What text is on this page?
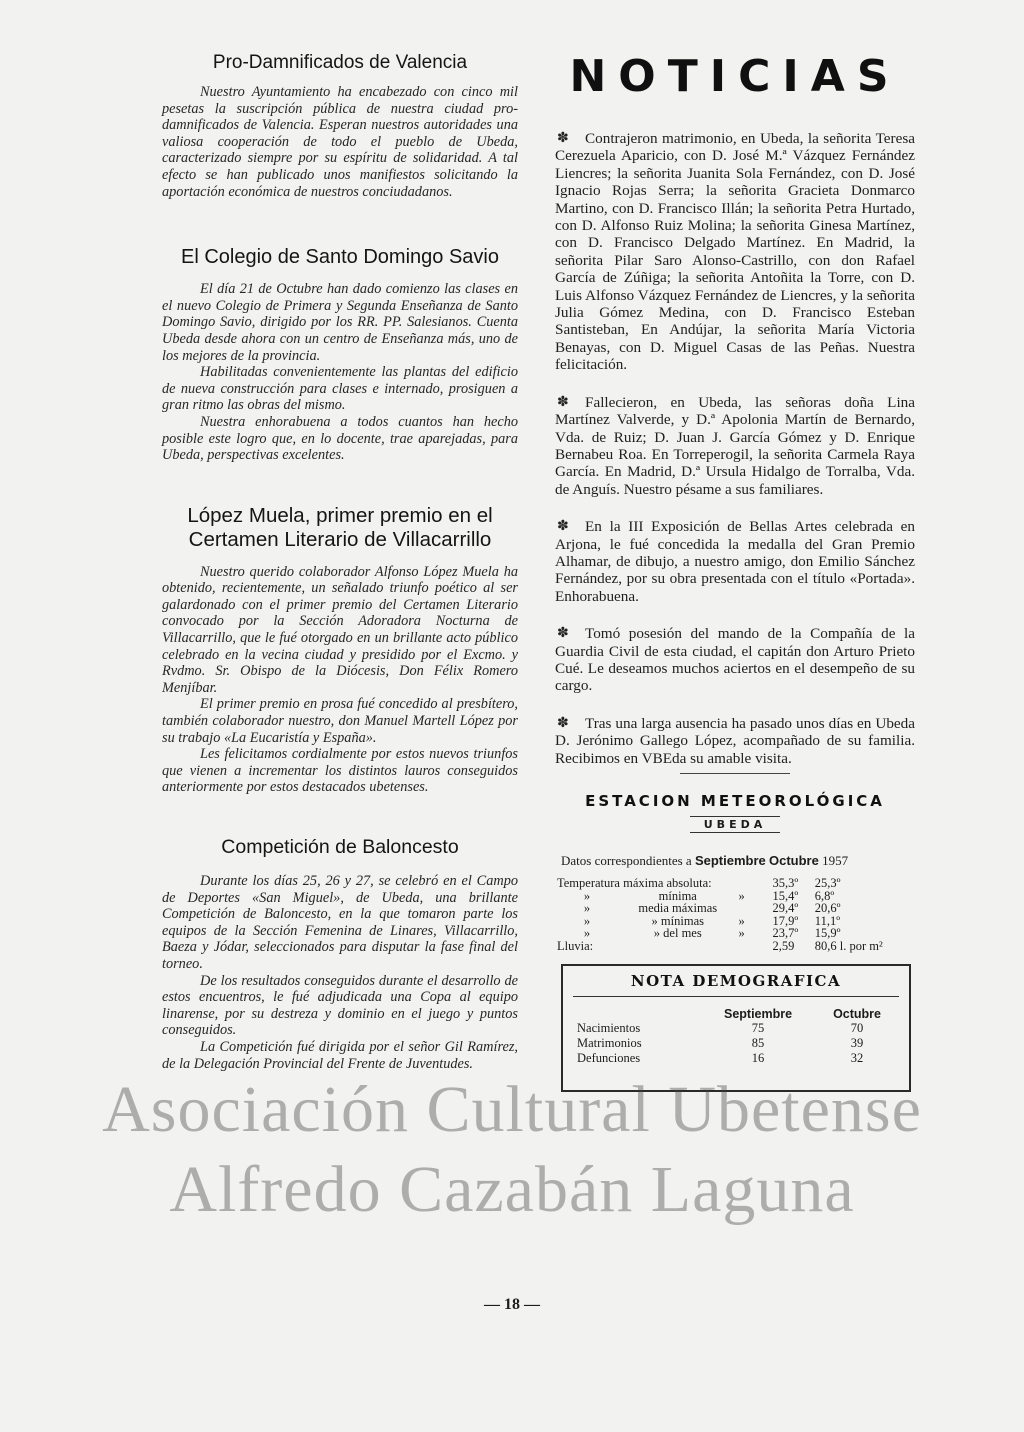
Pro-Damnificados de Valencia

Nuestro Ayuntamiento ha encabezado con cinco mil pesetas la suscripción pública de nuestra ciudad pro-damnificados de Valencia. Esperan nuestros autoridades una valiosa cooperación de todo el pueblo de Ubeda, caracterizado siempre por su espíritu de solidaridad. A tal efecto se han publicado unos manifiestos solicitando la aportación económica de nuestros conciudadanos.

El Colegio de Santo Domingo Savio

El día 21 de Octubre han dado comienzo las clases en el nuevo Colegio de Primera y Segunda Enseñanza de Santo Domingo Savio, dirigido por los RR. PP. Salesianos. Cuenta Ubeda desde ahora con un centro de Enseñanza más, uno de los mejores de la provincia.

Habilitadas convenientemente las plantas del edificio de nueva construcción para clases e internado, prosiguen a gran ritmo las obras del mismo.

Nuestra enhorabuena a todos cuantos han hecho posible este logro que, en lo docente, trae aparejadas, para Ubeda, perspectivas excelentes.

López Muela, primer premio en el Certamen Literario de Villacarrillo

Nuestro querido colaborador Alfonso López Muela ha obtenido, recientemente, un señalado triunfo poético al ser galardonado con el primer premio del Certamen Literario convocado por la Sección Adoradora Nocturna de Villacarrillo, que le fué otorgado en un brillante acto público celebrado en la vecina ciudad y presidido por el Excmo. y Rvdmo. Sr. Obispo de la Diócesis, Don Félix Romero Menjíbar.

El primer premio en prosa fué concedido al presbítero, también colaborador nuestro, don Manuel Martell López por su trabajo «La Eucaristía y España».

Les felicitamos cordialmente por estos nuevos triunfos que vienen a incrementar los distintos lauros conseguidos anteriormente por estos destacados ubetenses.

Competición de Baloncesto

Durante los días 25, 26 y 27, se celebró en el Campo de Deportes «San Miguel», de Ubeda, una brillante Competición de Baloncesto, en la que tomaron parte los equipos de la Sección Femenina de Linares, Villacarrillo, Baeza y Jódar, seleccionados para disputar la fase final del torneo.

De los resultados conseguidos durante el desarrollo de estos encuentros, le fué adjudicada una Copa al equipo linarense, por su destreza y dominio en el juego y puntos conseguidos.

La Competición fué dirigida por el señor Gil Ramírez, de la Delegación Provincial del Frente de Juventudes.

NOTICIAS

✽ Contrajeron matrimonio, en Ubeda, la señorita Teresa Cerezuela Aparicio, con D. José M.ª Vázquez Fernández Liencres; la señorita Juanita Sola Fernández, con D. José Ignacio Rojas Serra; la señorita Gracieta Donmarco Martino, con D. Francisco Illán; la señorita Petra Hurtado, con D. Alfonso Ruiz Molina; la señorita Ginesa Martínez, con D. Francisco Delgado Martínez. En Madrid, la señorita Pilar Saro Alonso-Castrillo, con don Rafael García de Zúñiga; la señorita Antoñita la Torre, con D. Luis Alfonso Vázquez Fernández de Liencres, y la señorita Julia Gómez Medina, con D. Francisco Esteban Santisteban, En Andújar, la señorita María Victoria Benayas, con D. Miguel Casas de las Peñas. Nuestra felicitación.

✽ Fallecieron, en Ubeda, las señoras doña Lina Martínez Valverde, y D.ª Apolonia Martín de Bernardo, Vda. de Ruiz; D. Juan J. García Gómez y D. Enrique Bernabeu Roa. En Torreperogil, la señorita Carmela Raya García. En Madrid, D.ª Ursula Hidalgo de Torralba, Vda. de Anguís. Nuestro pésame a sus familiares.

✽ En la III Exposición de Bellas Artes celebrada en Arjona, le fué concedida la medalla del Gran Premio Alhamar, de dibujo, a nuestro amigo, don Emilio Sánchez Fernández, por su obra presentada con el título «Portada». Enhorabuena.

✽ Tomó posesión del mando de la Compañía de la Guardia Civil de esta ciudad, el capitán don Arturo Prieto Cué. Le deseamos muchos aciertos en el desempeño de su cargo.

✽ Tras una larga ausencia ha pasado unos días en Ubeda D. Jerónimo Gallego López, acompañado de su familia. Recibimos en VBEda su amable visita.

ESTACION METEOROLÓGICA
UBEDA
Datos correspondientes a Septiembre Octubre 1957
Temperatura máxima absoluta:			35,3º	25,3º
»	mínima	»	15,4º	6,8º
»	media máximas		29,4º	20,6º
»	» mínimas	»	17,9º	11,1º
»	» del mes	»	23,7º	15,9º
Lluvia:			2,59	80,6 l. por m²
NOTA DEMOGRAFICA
	Septiembre	Octubre
Nacimientos	75	70
Matrimonios	85	39
Defunciones	16	32
— 18 —
Asociación Cultural Ubetense
Alfredo Cazabán Laguna
